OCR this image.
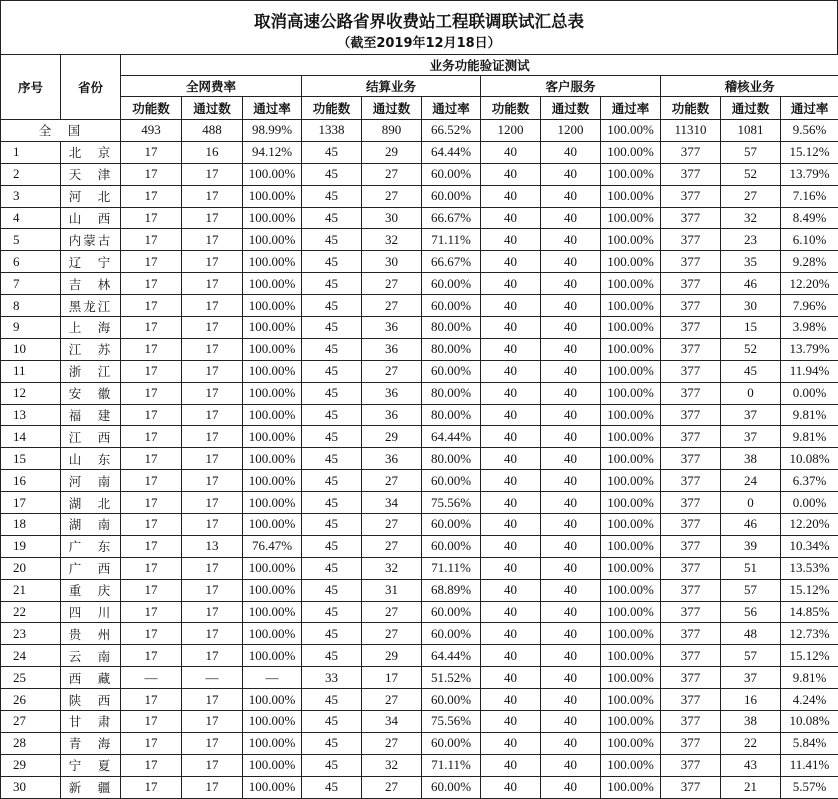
取消高速公路省界收费站工程联调联试汇总表
（截至2019年12月18日）
序号	省份	业务功能验证测试											
		全网费率			结算业务			客户服务			稽核业务		
		功能数	通过数	通过率	功能数	通过数	通过率	功能数	通过数	通过率	功能数	通过数	通过率
全　国		493	488	98.99%	1338	890	66.52%	1200	1200	100.00%	11310	1081	9.56%
1	北　京	17	16	94.12%	45	29	64.44%	40	40	100.00%	377	57	15.12%
2	天　津	17	17	100.00%	45	27	60.00%	40	40	100.00%	377	52	13.79%
3	河　北	17	17	100.00%	45	27	60.00%	40	40	100.00%	377	27	7.16%
4	山　西	17	17	100.00%	45	30	66.67%	40	40	100.00%	377	32	8.49%
5	内蒙古	17	17	100.00%	45	32	71.11%	40	40	100.00%	377	23	6.10%
6	辽　宁	17	17	100.00%	45	30	66.67%	40	40	100.00%	377	35	9.28%
7	吉　林	17	17	100.00%	45	27	60.00%	40	40	100.00%	377	46	12.20%
8	黑龙江	17	17	100.00%	45	27	60.00%	40	40	100.00%	377	30	7.96%
9	上　海	17	17	100.00%	45	36	80.00%	40	40	100.00%	377	15	3.98%
10	江　苏	17	17	100.00%	45	36	80.00%	40	40	100.00%	377	52	13.79%
11	浙　江	17	17	100.00%	45	27	60.00%	40	40	100.00%	377	45	11.94%
12	安　徽	17	17	100.00%	45	36	80.00%	40	40	100.00%	377	0	0.00%
13	福　建	17	17	100.00%	45	36	80.00%	40	40	100.00%	377	37	9.81%
14	江　西	17	17	100.00%	45	29	64.44%	40	40	100.00%	377	37	9.81%
15	山　东	17	17	100.00%	45	36	80.00%	40	40	100.00%	377	38	10.08%
16	河　南	17	17	100.00%	45	27	60.00%	40	40	100.00%	377	24	6.37%
17	湖　北	17	17	100.00%	45	34	75.56%	40	40	100.00%	377	0	0.00%
18	湖　南	17	17	100.00%	45	27	60.00%	40	40	100.00%	377	46	12.20%
19	广　东	17	13	76.47%	45	27	60.00%	40	40	100.00%	377	39	10.34%
20	广　西	17	17	100.00%	45	32	71.11%	40	40	100.00%	377	51	13.53%
21	重　庆	17	17	100.00%	45	31	68.89%	40	40	100.00%	377	57	15.12%
22	四　川	17	17	100.00%	45	27	60.00%	40	40	100.00%	377	56	14.85%
23	贵　州	17	17	100.00%	45	27	60.00%	40	40	100.00%	377	48	12.73%
24	云　南	17	17	100.00%	45	29	64.44%	40	40	100.00%	377	57	15.12%
25	西　藏	—	—	—	33	17	51.52%	40	40	100.00%	377	37	9.81%
26	陕　西	17	17	100.00%	45	27	60.00%	40	40	100.00%	377	16	4.24%
27	甘　肃	17	17	100.00%	45	34	75.56%	40	40	100.00%	377	38	10.08%
28	青　海	17	17	100.00%	45	27	60.00%	40	40	100.00%	377	22	5.84%
29	宁　夏	17	17	100.00%	45	32	71.11%	40	40	100.00%	377	43	11.41%
30	新　疆	17	17	100.00%	45	27	60.00%	40	40	100.00%	377	21	5.57%
